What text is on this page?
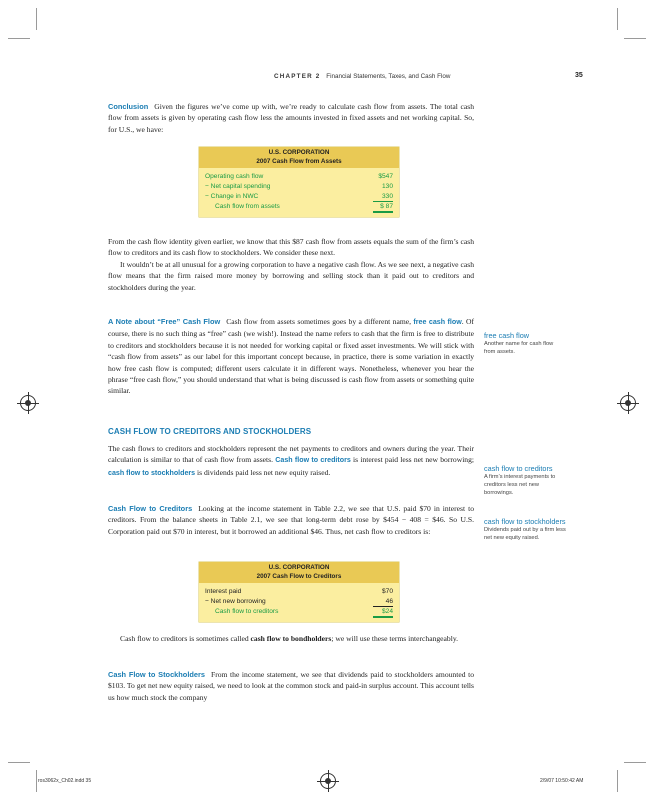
CHAPTER 2 Financial Statements, Taxes, and Cash Flow	35

Conclusion Given the figures we’ve come up with, we’re ready to calculate cash flow from assets. The total cash flow from assets is given by operating cash flow less the amounts invested in fixed assets and net working capital. So, for U.S., we have:

U.S. CORPORATION
2007 Cash Flow from Assets
Operating cash flow	$547
− Net capital spending	130
− Change in NWC	330
Cash flow from assets	$ 87

From the cash flow identity given earlier, we know that this $87 cash flow from assets equals the sum of the firm’s cash flow to creditors and its cash flow to stockholders. We consider these next.

It wouldn’t be at all unusual for a growing corporation to have a negative cash flow. As we see next, a negative cash flow means that the firm raised more money by borrowing and selling stock than it paid out to creditors and stockholders during the year.

A Note about “Free” Cash Flow Cash flow from assets sometimes goes by a different name, free cash flow. Of course, there is no such thing as “free” cash (we wish!). Instead the name refers to cash that the firm is free to distribute to creditors and stockholders because it is not needed for working capital or fixed asset investments. We will stick with “cash flow from assets” as our label for this important concept because, in practice, there is some variation in exactly how free cash flow is computed; different users calculate it in different ways. Nonetheless, whenever you hear the phrase “free cash flow,” you should understand that what is being discussed is cash flow from assets or something quite similar.

CASH FLOW TO CREDITORS AND STOCKHOLDERS

The cash flows to creditors and stockholders represent the net payments to creditors and owners during the year. Their calculation is similar to that of cash flow from assets. Cash flow to creditors is interest paid less net new borrowing; cash flow to stockholders is dividends paid less net new equity raised.

Cash Flow to Creditors Looking at the income statement in Table 2.2, we see that U.S. paid $70 in interest to creditors. From the balance sheets in Table 2.1, we see that long-term debt rose by $454 − 408 = $46. So U.S. Corporation paid out $70 in interest, but it borrowed an additional $46. Thus, net cash flow to creditors is:

U.S. CORPORATION
2007 Cash Flow to Creditors
Interest paid	$70
− Net new borrowing	46
Cash flow to creditors	$24

Cash flow to creditors is sometimes called cash flow to bondholders; we will use these terms interchangeably.

Cash Flow to Stockholders From the income statement, we see that dividends paid to stockholders amounted to $103. To get net new equity raised, we need to look at the common stock and paid-in surplus account. This account tells us how much stock the company

free cash flow
Another name for cash flow from assets.
cash flow to creditors
A firm’s interest payments to creditors less net new borrowings.
cash flow to stockholders
Dividends paid out by a firm less net new equity raised.
ros3062x_Ch02.indd 35	2/9/07 10:50:42 AM
